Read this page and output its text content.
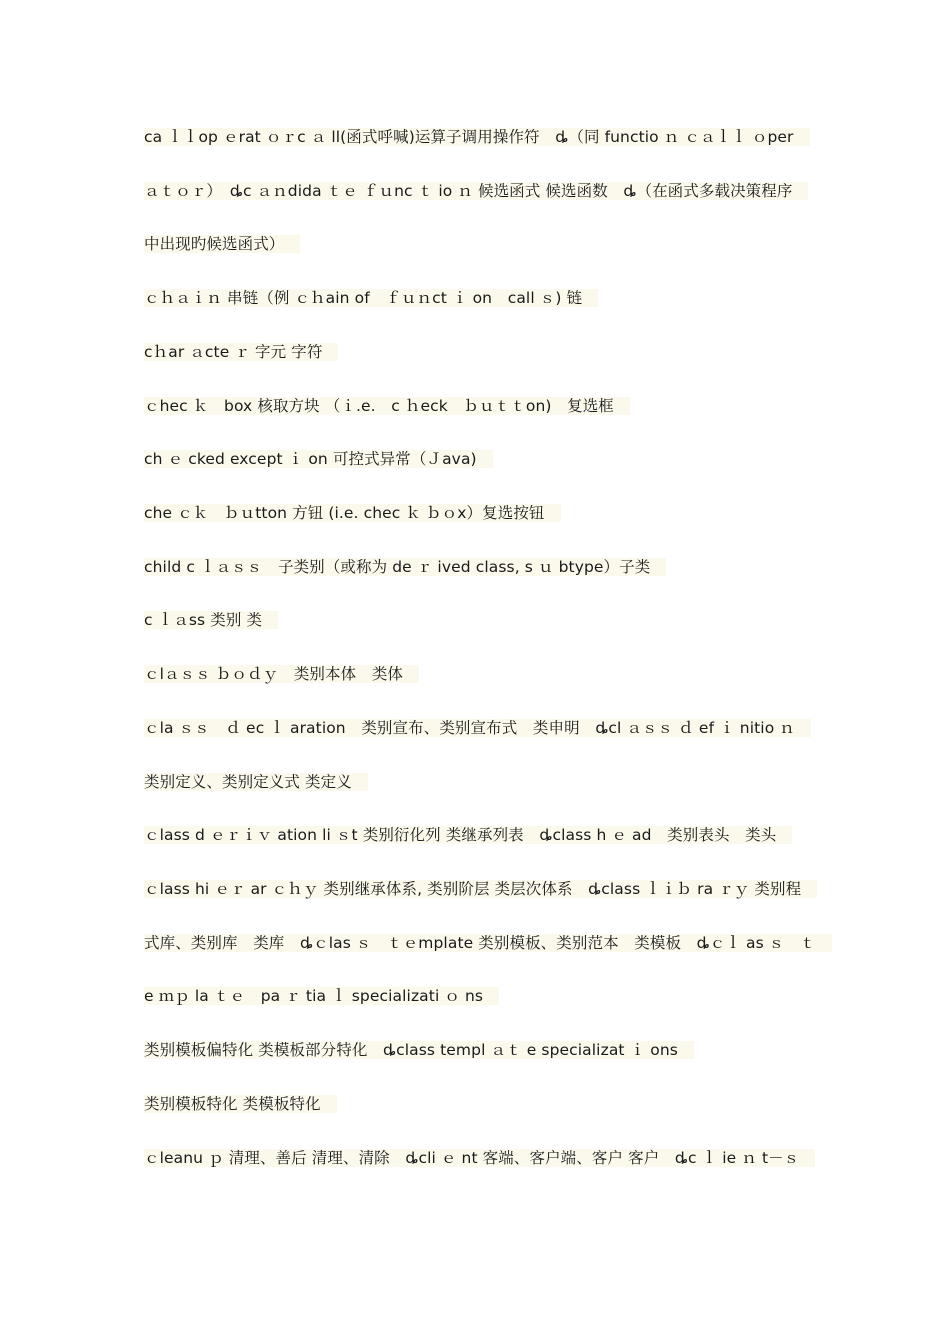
ca ｌｌop ｅrat ｏｒc ａ ll(函式呼喊)运算子调用操作符　ȡ（同 functio ｎ ｃａｌｌ ｏper
ａｔｏｒ）　ȡc ａｎdida ｔｅ ｆｕnc ｔ io ｎ 候选函式 候选函数　ȡ（在函式多载决策程序
中出现旳候选函式）
ｃｈａｉｎ 串链（例 ｃｈain of　ｆｕｎct ｉ on　call ｓ) 链
cｈar ａcte ｒ 字元 字符
ｃhec ｋ　box 核取方块 （ｉ.e.　c ｈeck　ｂｕｔｔon)　复选框
ch ｅ cked except ｉ on 可控式异常（Ｊava)
che ｃｋ　ｂｕtton 方钮 (i.e. chec ｋ ｂｏx）复选按钮
child c ｌａｓｓ　子类别（或称为 de ｒ ived class, s ｕ btype）子类
c ｌａss 类别 类
ｃlａｓｓ ｂｏｄｙ　类别本体　类体
ｃla ｓｓ　ｄ ec ｌ aration　类别宣布、类别宣布式　类申明　ȡcl ａｓｓ ｄ ef ｉ nitio ｎ
类别定义、类别定义式 类定义
ｃlass d ｅｒｉｖ ation li ｓt 类别衍化列 类继承列表　ȡclass h ｅ ad　类别表头　类头
ｃlass hi ｅｒ ar ｃｈｙ 类别继承体系, 类别阶层 类层次体系　ȡclass ｌｉｂ ra ｒｙ 类别程
式库、类别库　类库　ȡｃlas ｓ　ｔｅmplate 类别模板、类别范本　类模板　ȡｃｌ as ｓ　ｔ
e ｍｐ la ｔｅ　pa ｒ tia ｌ specializati ｏ ns
类别模板偏特化 类模板部分特化　ȡclass templ ａｔ e specializat ｉ ons
类别模板特化 类模板特化
ｃleanu ｐ 清理、善后 清理、清除　ȡcli ｅ nt 客端、客户端、客户 客户　ȡc ｌ ie ｎ t－ｓ
